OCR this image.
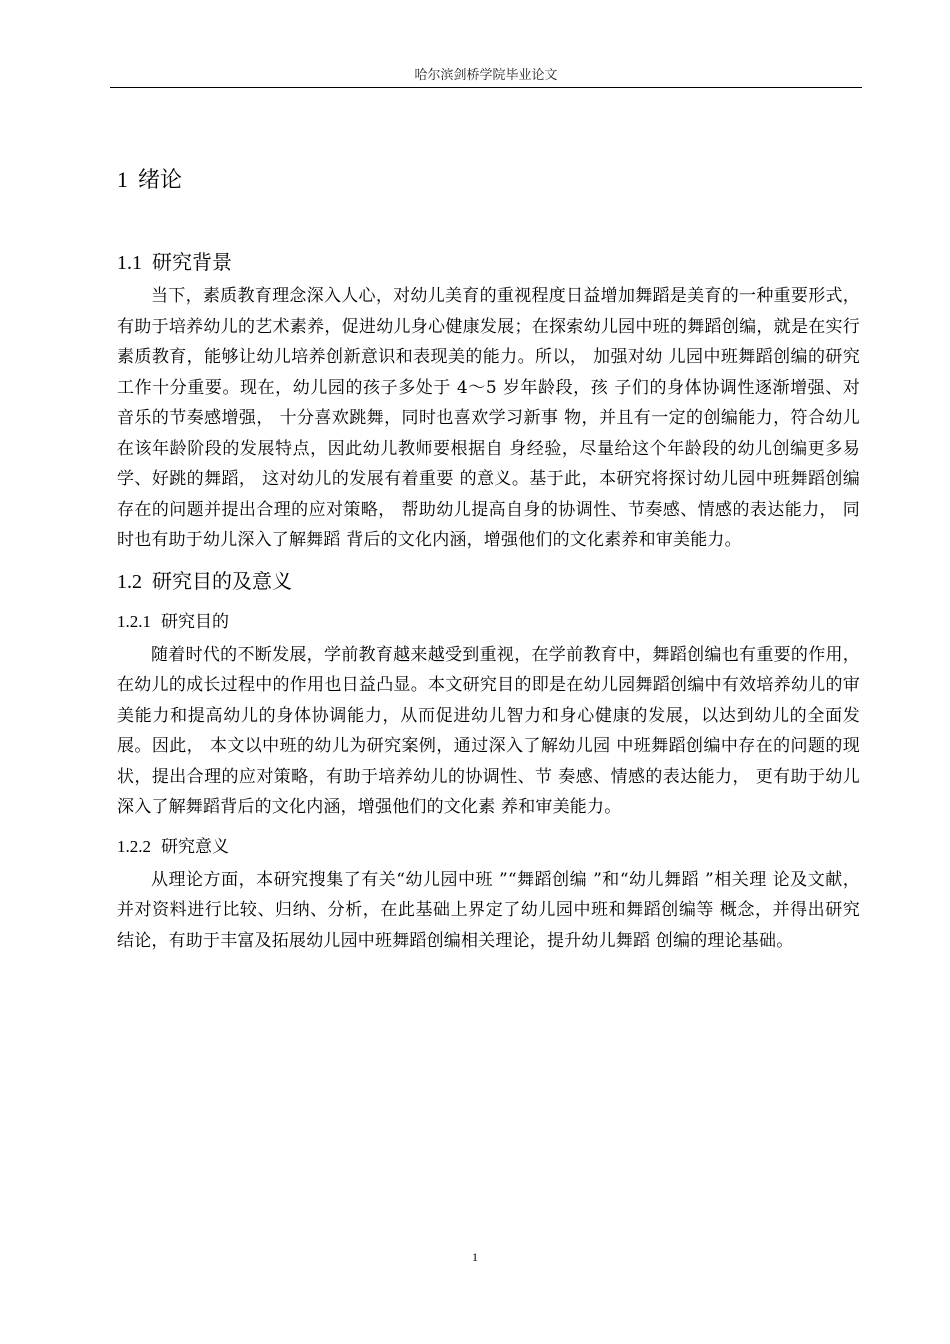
哈尔滨剑桥学院毕业论文
1 绪论
1.1 研究背景

当下，素质教育理念深入人心，对幼儿美育的重视程度日益增加舞蹈是美育的一种重要形式，有助于培养幼儿的艺术素养，促进幼儿身心健康发展；在探索幼儿园中班的舞蹈创编，就是在实行素质教育，能够让幼儿培养创新意识和表现美的能力。所以， 加强对幼 儿园中班舞蹈创编的研究工作十分重要。现在，幼儿园的孩子多处于 4～5 岁年龄段，孩 子们的身体协调性逐渐增强、对音乐的节奏感增强， 十分喜欢跳舞，同时也喜欢学习新事 物，并且有一定的创编能力，符合幼儿在该年龄阶段的发展特点，因此幼儿教师要根据自 身经验，尽量给这个年龄段的幼儿创编更多易学、好跳的舞蹈， 这对幼儿的发展有着重要 的意义。基于此，本研究将探讨幼儿园中班舞蹈创编存在的问题并提出合理的应对策略， 帮助幼儿提高自身的协调性、节奏感、情感的表达能力， 同时也有助于幼儿深入了解舞蹈 背后的文化内涵，增强他们的文化素养和审美能力。

1.2 研究目的及意义
1.2.1 研究目的

随着时代的不断发展，学前教育越来越受到重视，在学前教育中，舞蹈创编也有重要的作用，在幼儿的成长过程中的作用也日益凸显。本文研究目的即是在幼儿园舞蹈创编中有效培养幼儿的审美能力和提高幼儿的身体协调能力，从而促进幼儿智力和身心健康的发展，以达到幼儿的全面发展。因此， 本文以中班的幼儿为研究案例，通过深入了解幼儿园 中班舞蹈创编中存在的问题的现状，提出合理的应对策略，有助于培养幼儿的协调性、节 奏感、情感的表达能力， 更有助于幼儿深入了解舞蹈背后的文化内涵，增强他们的文化素 养和审美能力。

1.2.2 研究意义

从理论方面，本研究搜集了有关“幼儿园中班 ”“舞蹈创编 ”和“幼儿舞蹈 ”相关理 论及文献，并对资料进行比较、归纳、分析，在此基础上界定了幼儿园中班和舞蹈创编等 概念，并得出研究结论，有助于丰富及拓展幼儿园中班舞蹈创编相关理论，提升幼儿舞蹈 创编的理论基础。

1
